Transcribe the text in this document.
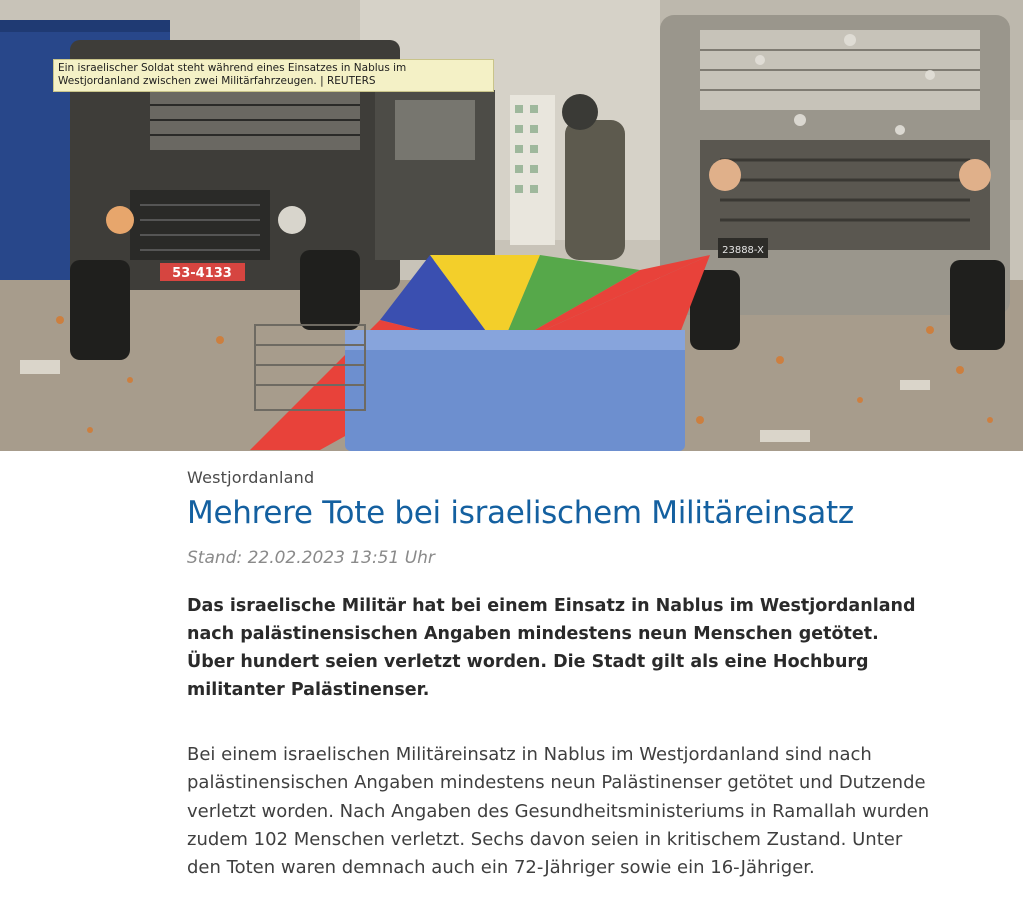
53-4133
23888-X
Ein israelischer Soldat steht während eines Einsatzes in Nablus im Westjordanland zwischen zwei Militärfahrzeugen. | REUTERS
Westjordanland
Mehrere Tote bei israelischem Militäreinsatz
Stand: 22.02.2023 13:51 Uhr

Das israelische Militär hat bei einem Einsatz in Nablus im Westjordanland nach palästinensischen Angaben mindestens neun Menschen getötet. Über hundert seien verletzt worden. Die Stadt gilt als eine Hochburg militanter Palästinenser.

Bei einem israelischen Militäreinsatz in Nablus im Westjordanland sind nach palästinensischen Angaben mindestens neun Palästinenser getötet und Dutzende verletzt worden. Nach Angaben des Gesundheitsministeriums in Ramallah wurden zudem 102 Menschen verletzt. Sechs davon seien in kritischem Zustand. Unter den Toten waren demnach auch ein 72-Jähriger sowie ein 16-Jähriger.
